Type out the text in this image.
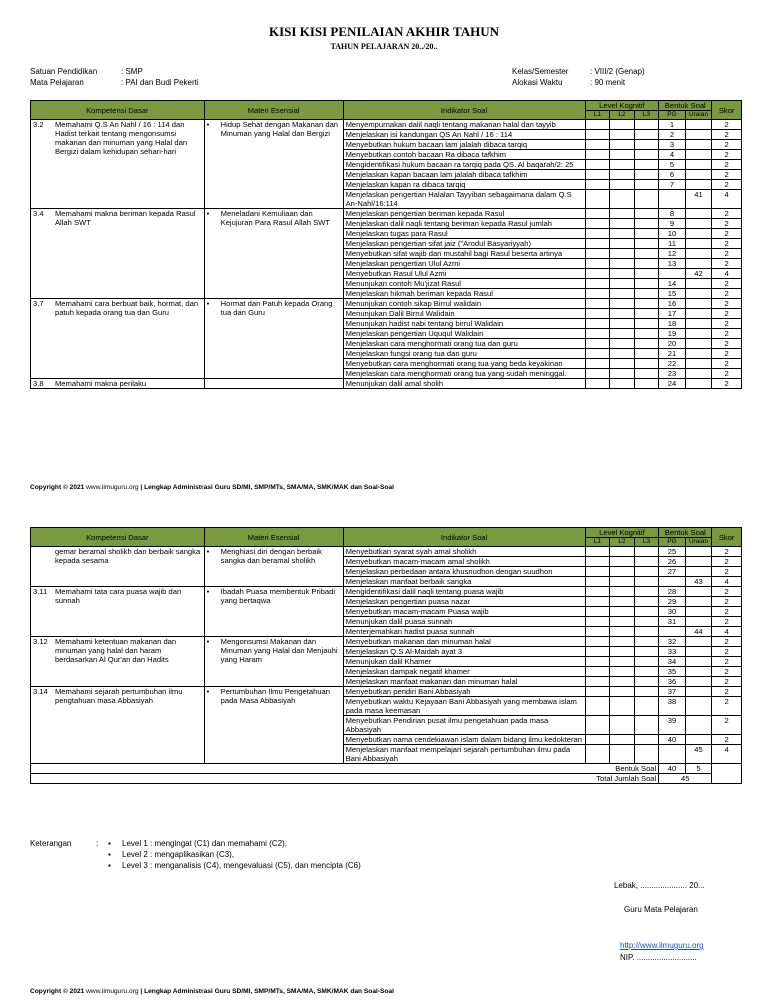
KISI KISI PENILAIAN AKHIR TAHUN
TAHUN PELAJARAN 20../20..
Satuan Pendidikan	: SMP
Mata Pelajaran	: PAI dan Budi Pekerti
Kelas/Semester	: VIII/2 (Genap)
Alokasi Waktu	: 90 menit
Kompetensi Dasar		Materi Esensial	Indikator Soal	Level Kognitif			Bentuk Soal		Skor
				L1	L2	L3	PG	Uraian	
3.2	Memahami Q.S An Nahl / 16 : 114 dan Hadist terkait tentang mengonsumsi makanan dan minuman yang Halal dan Bergizi dalam kehidupan sehari-hari	• Hidup Sehat dengan Makanan dan Minuman yang Halal dan Bergizi	Menyempurnakan dalil naqli tentang makanan halal dan tayyib				1		2
			Menjelaskan isi kandungan QS An Nahl / 16 : 114				2		2
			Menyebutkan hukum bacaan lam jalalah dibaca tarqiq				3		2
			Menyebutkan contoh bacaan Ra dibaca tafkhim				4		2
			Mengidentifikasi hukum bacaan ra tarqiq pada QS. Al baqarah/2: 25				5		2
			Menjelaskan kapan bacaan lam jalalah dibaca tafkhim				6		2
			Menjelaskan kapan ra dibaca tarqiq				7		2
			Menjelaskan pengertian Halalan Tayyiban sebagaimana dalam Q.S An-Nahl/16:114					41	4
3.4	Memahami makna beriman kepada Rasul Allah SWT	• Meneladani Kemuliaan dan Kejujuran Para Rasul Allah SWT	Menjelaskan pengertian beriman kepada Rasul				8		2
			Menjelaskan dalil naqli tentang beriman kepada Rasul jumlah				9		2
			Menjelaskan tugas para Rasul				10		2
			Menjelaskan pengertian sifat jaiz ("Arodul Basyariyyah)				11		2
			Menyebutkan sifat wajib dan mustahil bagi Rasul beserta artinya				12		2
			Menjelaskan pengertian Ulul Azmi				13		2
			Menyebutkan Rasul Ulul Azmi					42	4
			Menunjukan contoh Mu'jizat Rasul				14		2
			Menjelaskan hikmah beriman kepada Rasul				15		2
3.7	Memahami cara berbuat baik, hormat, dan patuh kepada orang tua dan Guru	• Hormat dan Patuh kepada Orang tua dan Guru	Menunjukan contoh sikap Birrul walidain				16		2
			Menunjukan Dalil Birrul Walidain				17		2
			Menunjukan hadist nabi tentang birrul Walidain				18		2
			Menjelaskan pengertian Uququl Walidain				19		2
			Menjelaskan cara menghormati orang tua dan guru				20		2
			Menjelaskan fungsi orang tua dan guru				21		2
			Menyebutkan cara menghormati orang tua yang beda keyakinan				22		2
			Menjelaskan cara menghormati orang tua yang sudah meninggal.				23		2
3.8	Memahami makna perilaku		Menunjukan dalil amal sholih				24		2
Copyright © 2021 www.ilmuguru.org | Lengkap Administrasi Guru SD/MI, SMP/MTs, SMA/MA, SMK/MAK dan Soal-Soal
Kompetensi Dasar		Materi Esensial	Indikator Soal	Level Kognitif			Bentuk Soal		Skor
				L1	L2	L3	PG	Uraian	
	gemar beramal sholikh dan berbaik sangka kepada sesama	• Menghiasi diri dengan berbaik sangka dan beramal sholikh	Menyebutkan syarat syah amal sholikh				25		2
			Menyebutkan macam-macam amal sholikh				26		2
			Menjelaskan perbedaan antara khusnudhon dengan suudhon				27		2
			Menjelaskan manfaat berbaik sangka					43	4
3.11	Memahami tata cara puasa wajib dan sunnah	• Ibadah Puasa membentuk Pribadi yang bertaqwa	Mengidentifikasi dalil naqli tentang puasa wajib				28		2
			Menjelaskan pengertian puasa nazar				29		2
			Menyebutkan macam-macam Puasa wajib				30		2
			Menunjukan dalil puasa sunnah				31		2
			Menterjemahkan hadist puasa sunnah					44	4
3.12	Memahami ketentuan makanan dan minuman yang halal dan haram berdasarkan Al Qur'an dan Hadits	• Mengonsumsi Makanan dan Minuman yang Halal dan Menjauhi yang Haram	Menyebutkan makanan dan minuman halal				32		2
			Menjelaskan Q.S Al-Maidah ayat 3				33		2
			Menunjukan dalil Khamer				34		2
			Menjelaskan dampak negatif khamer				35		2
			Menjelaskan manfaat makanan dan minuman halal				36		2
3.14	Memahami sejarah pertumbuhan ilmu pengtahuan masa Abbasiyah	• Pertumbuhan Ilmu Pengetahuan pada Masa Abbasiyah	Menyebutkan pendiri Bani Abbasiyah				37		2
			Menyebutkan waktu Kejayaan Bani Abbasiyah yang membawa islam pada masa keemasan				38		2
			Menyebutkan Pendirian pusat ilmu pengetahuan pada masa Abbasiyah				39		2
			Menyebutkan nama cendekiawan islam dalam bidang ilmu kedokteran				40		2
			Menjelaskan manfaat mempelajari sejarah pertumbuhan ilmu pada Bani Abbasiyah					45	4
Bentuk Soal							40	5	
Total Jumlah Soal							45		
Keterangan	:	▪	Level 1 : mengingat (C1) dan memahami (C2),
▪	Level 2 : mengaplikasikan (C3),
▪	Level 3 : menganalisis (C4), mengevaluasi (C5), dan mencipta (C6)
Lebak, ..................... 20...
Guru Mata Pelajaran
http://www.ilmuguru.org
NIP. ...........................
Copyright © 2021 www.ilmuguru.org | Lengkap Administrasi Guru SD/MI, SMP/MTs, SMA/MA, SMK/MAK dan Soal-Soal
